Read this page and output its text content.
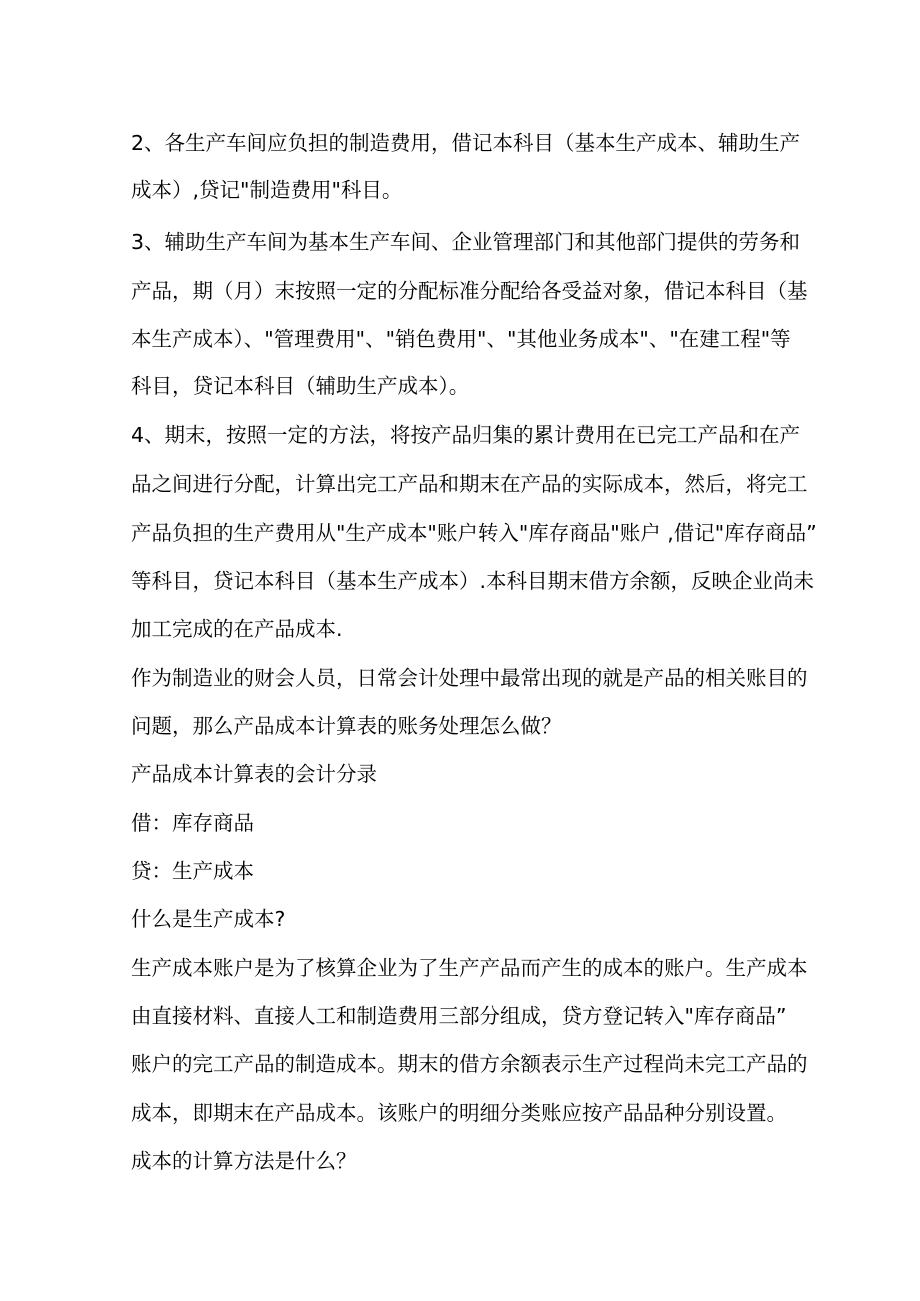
2、各生产车间应负担的制造费用，借记本科目（基本生产成本、辅助生产
成本）,贷记"制造费用"科目。
3、辅助生产车间为基本生产车间、企业管理部门和其他部门提供的劳务和
产品，期（月）末按照一定的分配标准分配给各受益对象，借记本科目（基
本生产成本）、"管理费用"、"销色费用"、"其他业务成本"、"在建工程"等
科目，贷记本科目（辅助生产成本）。
4、期末，按照一定的方法，将按产品归集的累计费用在已完工产品和在产
品之间进行分配，计算出完工产品和期末在产品的实际成本，然后，将完工
产品负担的生产费用从"生产成本"账户转入"库存商品"账户 ,借记"库存商品”
等科目，贷记本科目（基本生产成本）.本科目期末借方余额，反映企业尚未
加工完成的在产品成本.
作为制造业的财会人员，日常会计处理中最常出现的就是产品的相关账目的
问题，那么产品成本计算表的账务处理怎么做？
产品成本计算表的会计分录
借：库存商品
贷：生产成本
什么是生产成本?
生产成本账户是为了核算企业为了生产产品而产生的成本的账户。生产成本
由直接材料、直接人工和制造费用三部分组成，贷方登记转入"库存商品”
账户的完工产品的制造成本。期末的借方余额表示生产过程尚未完工产品的
成本，即期末在产品成本。该账户的明细分类账应按产品品种分别设置。
成本的计算方法是什么？
